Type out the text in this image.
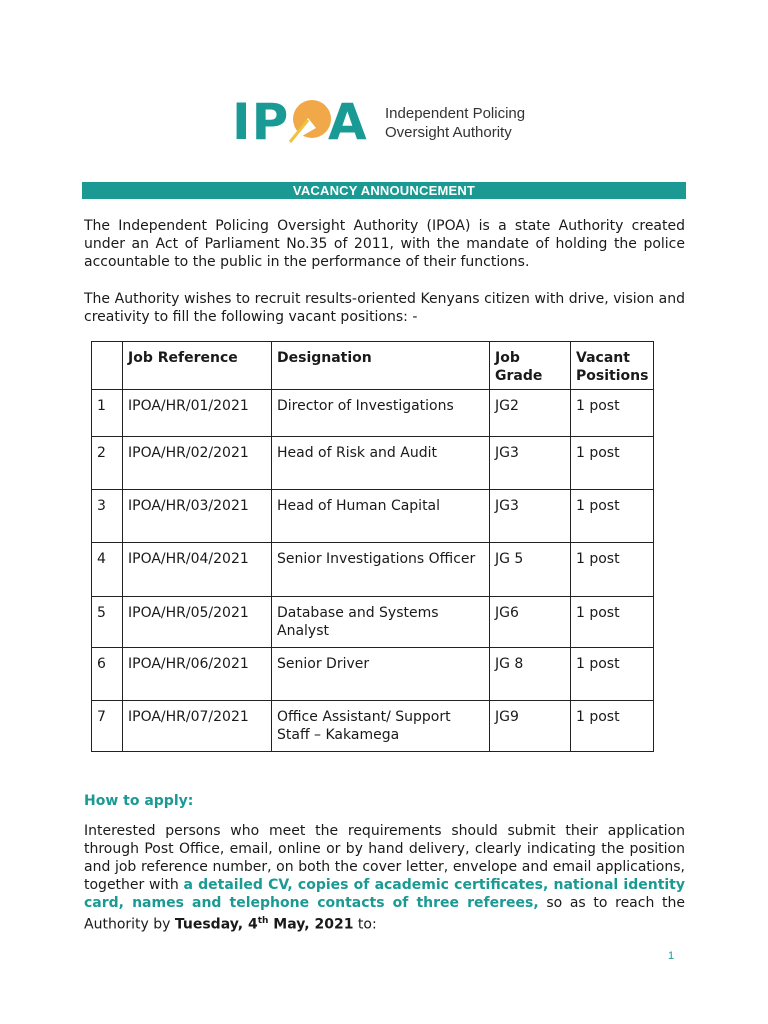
IP A Independent Policing
Oversight Authority
VACANCY ANNOUNCEMENT
The Independent Policing Oversight Authority (IPOA) is a state Authority created under an Act of Parliament No.35 of 2011, with the mandate of holding the police accountable to the public in the performance of their functions.
The Authority wishes to recruit results-oriented Kenyans citizen with drive, vision and creativity to fill the following vacant positions: -
	Job Reference	Designation	Job Grade	Vacant Positions
1	IPOA/HR/01/2021	Director of Investigations	JG2	1 post
2	IPOA/HR/02/2021	Head of Risk and Audit	JG3	1 post
3	IPOA/HR/03/2021	Head of Human Capital	JG3	1 post
4	IPOA/HR/04/2021	Senior Investigations Officer	JG 5	1 post
5	IPOA/HR/05/2021	Database and Systems Analyst	JG6	1 post
6	IPOA/HR/06/2021	Senior Driver	JG 8	1 post
7	IPOA/HR/07/2021	Office Assistant/ Support Staff – Kakamega	JG9	1 post
How to apply:
Interested persons who meet the requirements should submit their application through Post Office, email, online or by hand delivery, clearly indicating the position and job reference number, on both the cover letter, envelope and email applications, together with a detailed CV, copies of academic certificates, national identity card, names and telephone contacts of three referees, so as to reach the Authority by Tuesday, 4th May, 2021 to:
1
